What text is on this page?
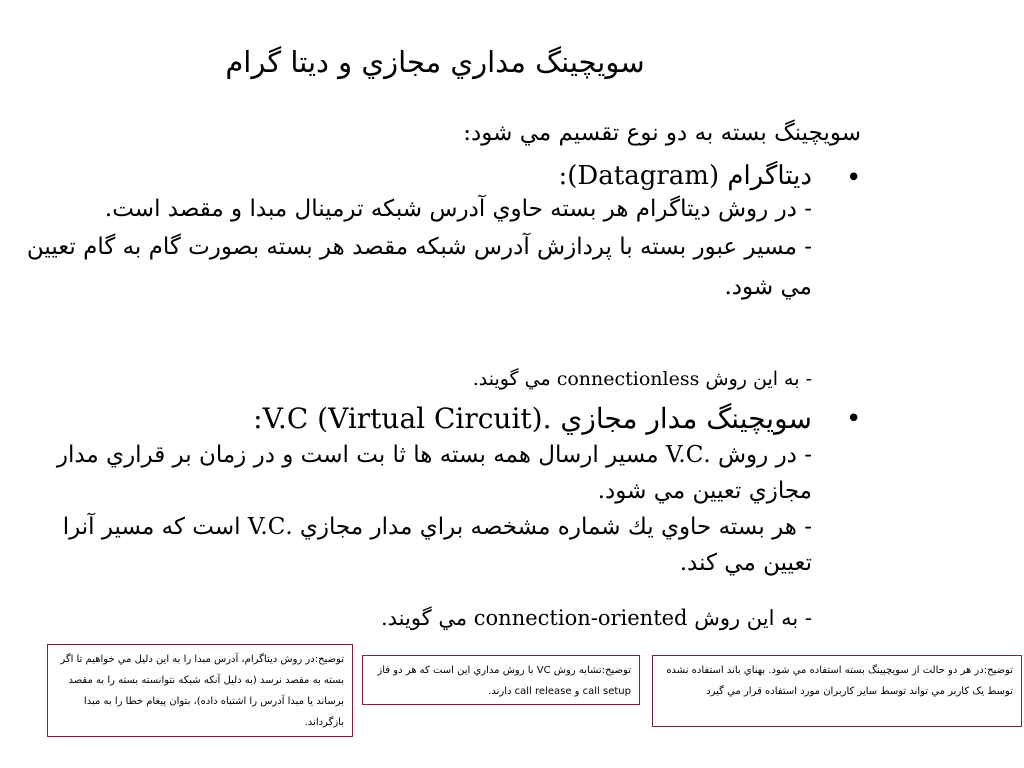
سويچينگ مداري مجازي و ديتا گرام
سويچينگ بسته به دو نوع تقسيم مي شود:
•
ديتاگرام (Datagram):
- در روش ديتاگرام هر بسته حاوي آدرس شبكه ترمينال مبدا و مقصد است.
- مسير عبور بسته با پردازش آدرس شبكه مقصد هر بسته بصورت گام به گام تعيين مي شود.
- به اين روش connectionless مي گويند.
•
سويچينگ مدار مجازي .V.C (Virtual Circuit):
- در روش .V.C مسير ارسال همه بسته ها ثا بت است و در زمان بر قراري مدار مجازي تعيين مي شود.
- هر بسته حاوي يك شماره مشخصه براي مدار مجازي .V.C است كه مسير آنرا تعيين مي كند.
- به اين روش connection-oriented مي گويند.
توضيح:در روش ديتاگرام، آدرس مبدا را به اين دليل مي خواهيم تا اگر بسته به مقصد نرسد (به دليل آنكه شبكه نتوانسته بسته را به مقصد برساند يا مبدا آدرس را اشتباه داده)، بتوان پيغام خطا را به مبدا بازگرداند.
توضيح:تشابه روش VC با روش مداري اين است كه هر دو فاز call setup و call release دارند.
توضيح:در هر دو حالت از سويچپينگ بسته استفاده مي شود. بهناي باند استفاده نشده توسط يک کاربر مي تواند توسط ساير کاربران مورد استفاده قرار مي گيرد
